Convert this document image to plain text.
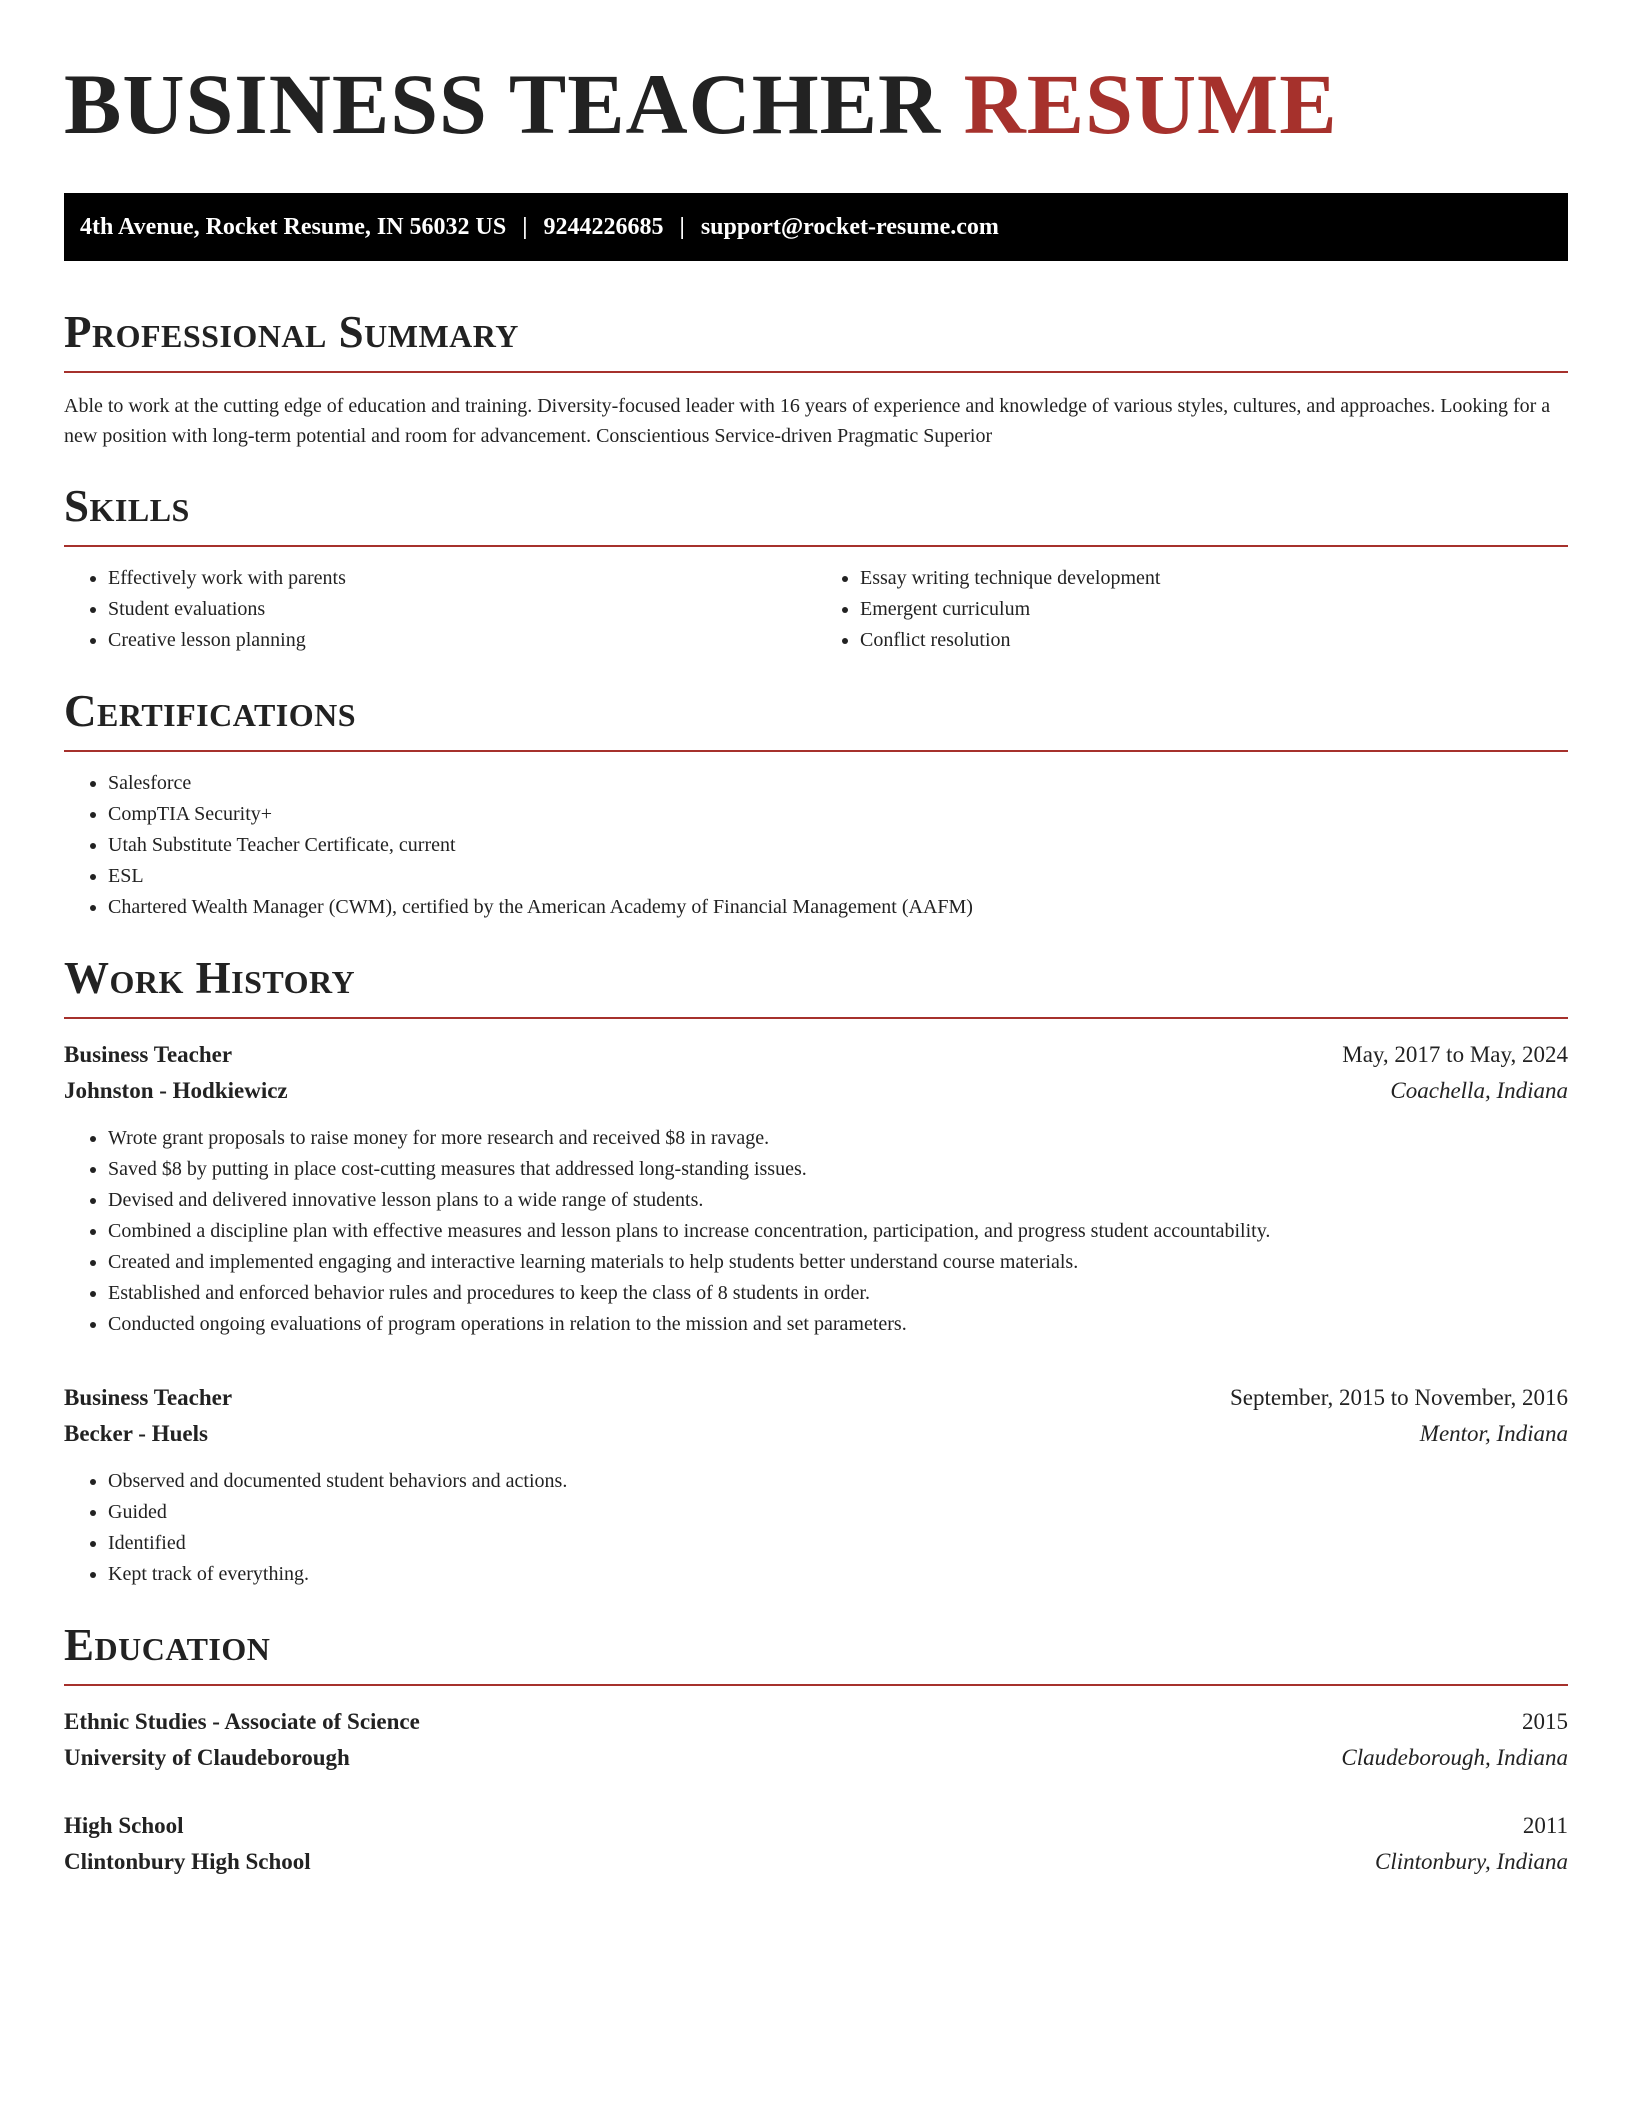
BUSINESS TEACHER RESUME
4th Avenue, Rocket Resume, IN 56032 US | 9244226685 | support@rocket-resume.com
Professional Summary

Able to work at the cutting edge of education and training. Diversity-focused leader with 16 years of experience and knowledge of various styles, cultures, and approaches. Looking for a new position with long-term potential and room for advancement. Conscientious Service-driven Pragmatic Superior

Skills
• Effectively work with parents
• Student evaluations
• Creative lesson planning
• Essay writing technique development
• Emergent curriculum
• Conflict resolution
Certifications
• Salesforce
• CompTIA Security+
• Utah Substitute Teacher Certificate, current
• ESL
• Chartered Wealth Manager (CWM), certified by the American Academy of Financial Management (AAFM)
Work History
Business Teacher	May, 2017 to May, 2024
Johnston - Hodkiewicz	Coachella, Indiana
• Wrote grant proposals to raise money for more research and received $8 in ravage.
• Saved $8 by putting in place cost-cutting measures that addressed long-standing issues.
• Devised and delivered innovative lesson plans to a wide range of students.
• Combined a discipline plan with effective measures and lesson plans to increase concentration, participation, and progress student accountability.
• Created and implemented engaging and interactive learning materials to help students better understand course materials.
• Established and enforced behavior rules and procedures to keep the class of 8 students in order.
• Conducted ongoing evaluations of program operations in relation to the mission and set parameters.
Business Teacher	September, 2015 to November, 2016
Becker - Huels	Mentor, Indiana
• Observed and documented student behaviors and actions.
• Guided
• Identified
• Kept track of everything.
Education
Ethnic Studies - Associate of Science	2015
University of Claudeborough	Claudeborough, Indiana
High School	2011
Clintonbury High School	Clintonbury, Indiana
